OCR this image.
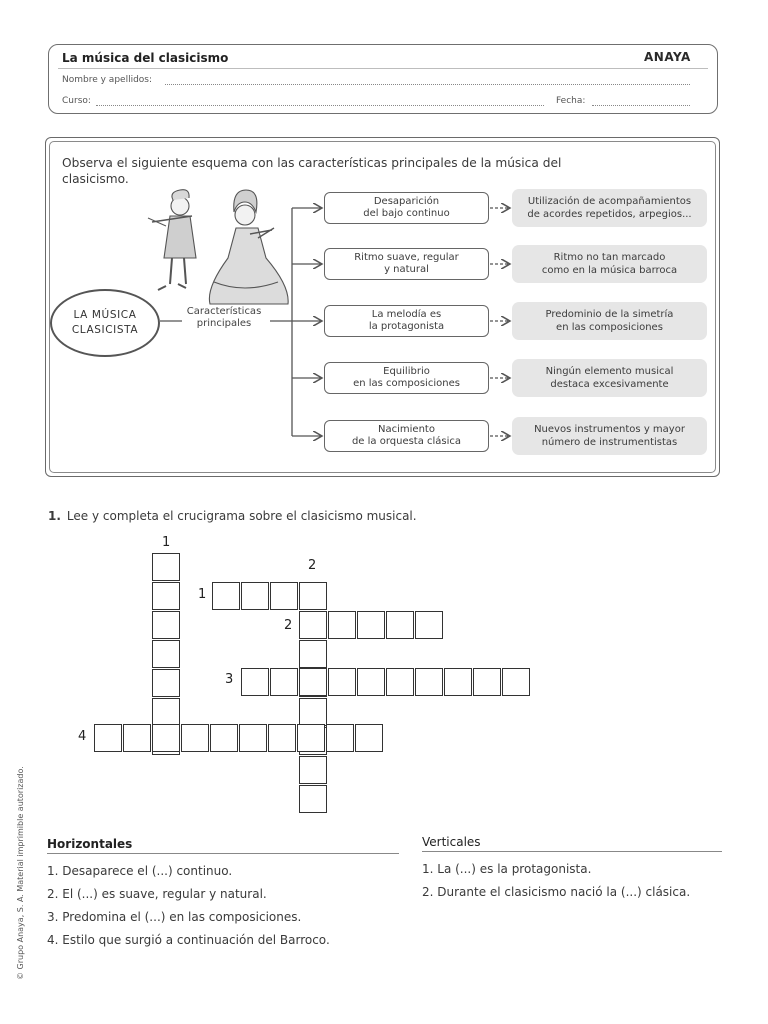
La música del clasicismo	ANAYA
Nombre y apellidos:
Curso:	Fecha:
Observa el siguiente esquema con las características principales de la música del clasicismo.
LA MÚSICA
CLASICISTA
Características
principales
Desaparición
del bajo continuo
Utilización de acompañamientos
de acordes repetidos, arpegios...
Ritmo suave, regular
y natural
Ritmo no tan marcado
como en la música barroca
La melodía es
la protagonista
Predominio de la simetría
en las composiciones
Equilibrio
en las composiciones
Ningún elemento musical
destaca excesivamente
Nacimiento
de la orquesta clásica
Nuevos instrumentos y mayor
número de instrumentistas
1. Lee y completa el crucigrama sobre el clasicismo musical.
1
2
1
2
3
4
Horizontales
1. Desaparece el (...) continuo.
2. El (...) es suave, regular y natural.
3. Predomina el (...) en las composiciones.
4. Estilo que surgió a continuación del Barroco.
Verticales
1. La (...) es la protagonista.
2. Durante el clasicismo nació la (...) clásica.
© Grupo Anaya, S. A. Material imprimible autorizado.
